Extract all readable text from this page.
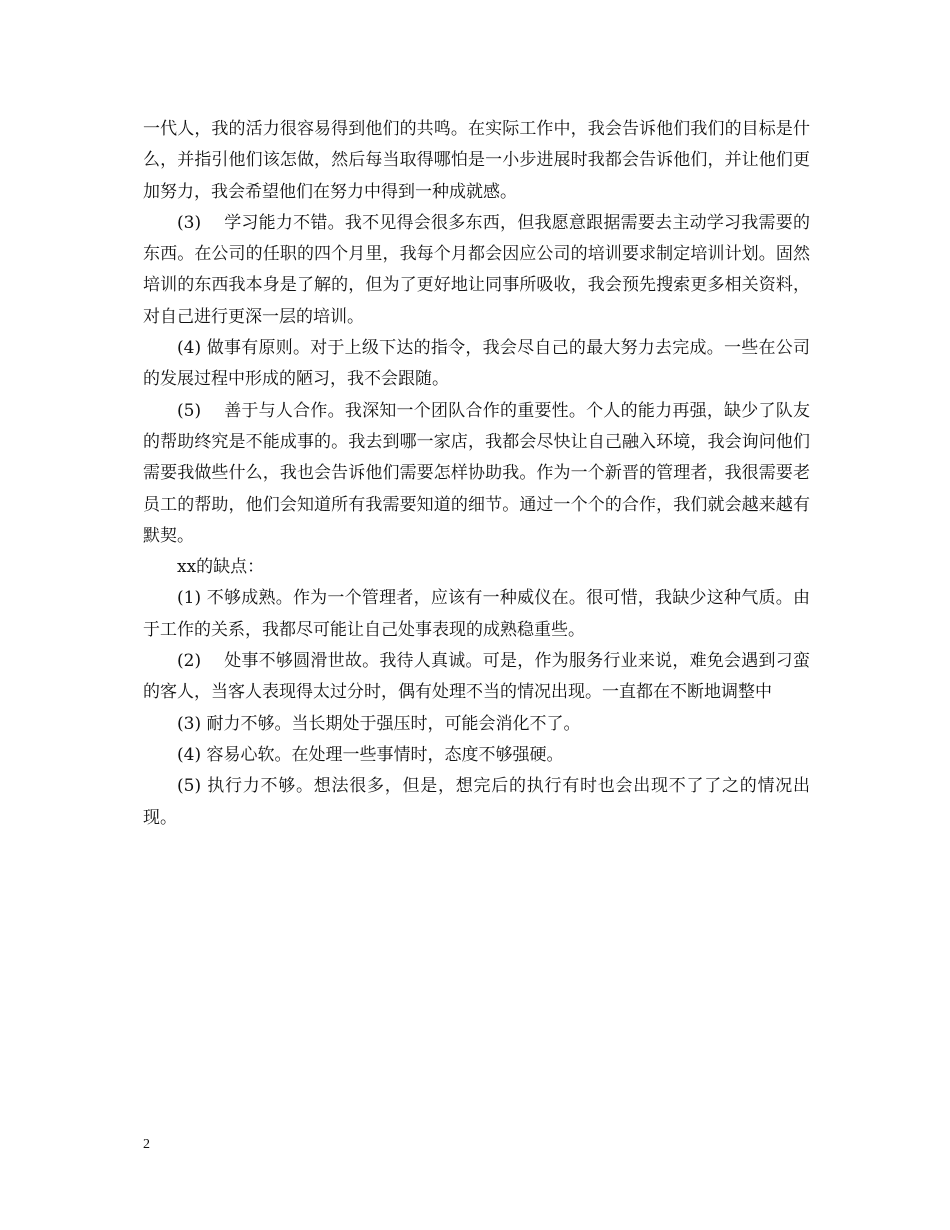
一代人，我的活力很容易得到他们的共鸣。在实际工作中，我会告诉他们我们的目标是什么，并指引他们该怎做，然后每当取得哪怕是一小步进展时我都会告诉他们，并让他们更加努力，我会希望他们在努力中得到一种成就感。

(3)　 学习能力不错。我不见得会很多东西，但我愿意跟据需要去主动学习我需要的东西。在公司的任职的四个月里，我每个月都会因应公司的培训要求制定培训计划。固然培训的东西我本身是了解的，但为了更好地让同事所吸收，我会预先搜索更多相关资料，对自己进行更深一层的培训。

(4) 做事有原则。对于上级下达的指令，我会尽自己的最大努力去完成。一些在公司的发展过程中形成的陋习，我不会跟随。

(5)　 善于与人合作。我深知一个团队合作的重要性。个人的能力再强，缺少了队友的帮助终究是不能成事的。我去到哪一家店，我都会尽快让自己融入环境，我会询问他们需要我做些什么，我也会告诉他们需要怎样协助我。作为一个新晋的管理者，我很需要老员工的帮助，他们会知道所有我需要知道的细节。通过一个个的合作，我们就会越来越有默契。

xx的缺点：

(1) 不够成熟。作为一个管理者，应该有一种威仪在。很可惜，我缺少这种气质。由于工作的关系，我都尽可能让自己处事表现的成熟稳重些。

(2)　 处事不够圆滑世故。我待人真诚。可是，作为服务行业来说，难免会遇到刁蛮的客人，当客人表现得太过分时，偶有处理不当的情况出现。一直都在不断地调整中

(3) 耐力不够。当长期处于强压时，可能会消化不了。

(4) 容易心软。在处理一些事情时，态度不够强硬。

(5) 执行力不够。想法很多，但是，想完后的执行有时也会出现不了了之的情况出现。

2
